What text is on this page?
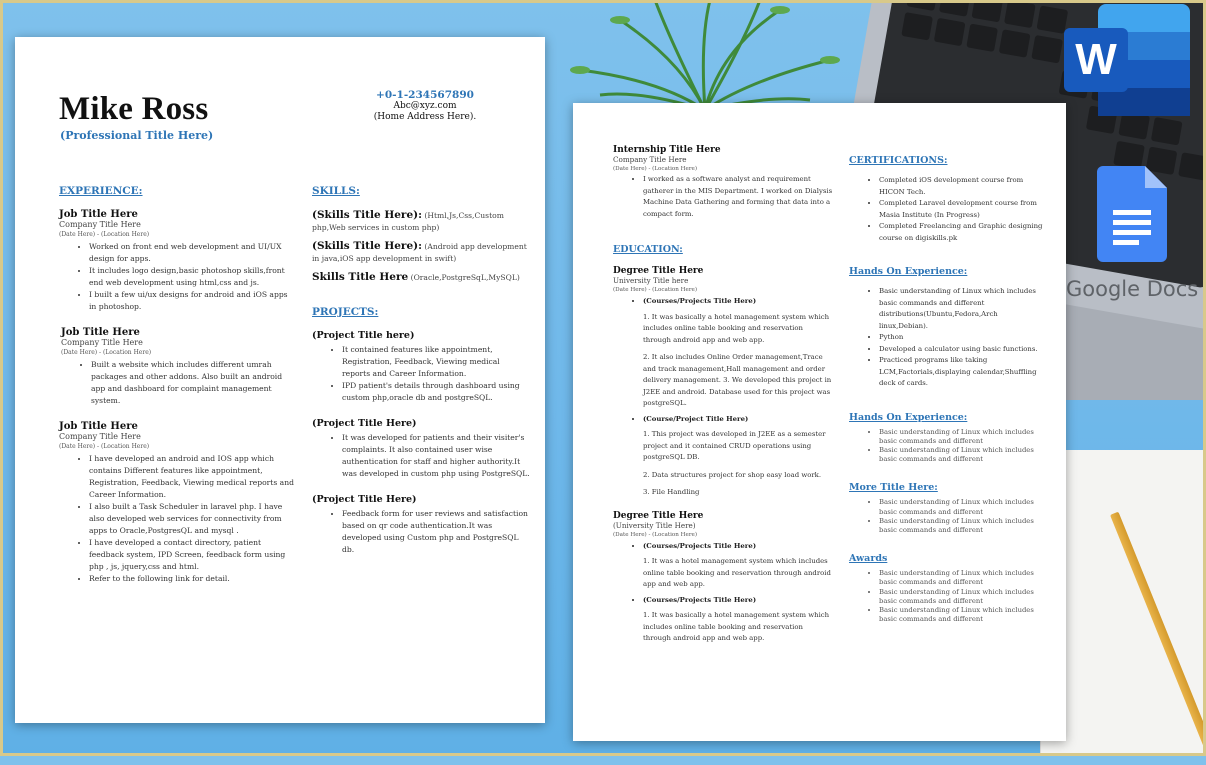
W
Google Docs
Mike Ross
(Professional Title Here)
+0-1-234567890
Abc@xyz.com
(Home Address Here).
EXPERIENCE:
Job Title Here
Company Title Here
(Date Here) - (Location Here)
• Worked on front end web development and UI/UX design for apps.
• It includes logo design,basic photoshop skills,front end web development using html,css and js.
• I built a few ui/ux designs for android and iOS apps in photoshop.
Job Title Here
Company Title Here
(Date Here) - (Location Here)
• Built a website which includes different umrah packages and other addons. Also built an android app and dashboard for complaint management system.
Job Title Here
Company Title Here
(Date Here) - (Location Here)
• I have developed an android and IOS app which contains Different features like appointment, Registration, Feedback, Viewing medical reports and Career Information.
• I also built a Task Scheduler in laravel php. I have also developed web services for connectivity from apps to Oracle,PostgresQL and mysql .
• I have developed a contact directory, patient feedback system, IPD Screen, feedback form using php , js, jquery,css and html.
• Refer to the following link for detail.
SKILLS:
(Skills Title Here): (Html,Js,Css,Custom php,Web services in custom php)
(Skills Title Here): (Android app development in java,iOS app development in swift)
Skills Title Here (Oracle,PostgreSqL,MySQL)
PROJECTS:
(Project Title here)
• It contained features like appointment, Registration, Feedback, Viewing medical reports and Career Information.
• IPD patient's details through dashboard using custom php,oracle db and postgreSQL.
(Project Title Here)
• It was developed for patients and their visiter's complaints. It also contained user wise authentication for staff and higher authority.It was developed in custom php using PostgreSQL.
(Project Title Here)
• Feedback form for user reviews and satisfaction based on qr code authentication.It was developed using Custom php and PostgreSQL db.
Internship Title Here
Company Title Here
(Date Here) - (Location Here)
• I worked as a software analyst and requirement gatherer in the MIS Department. I worked on Dialysis Machine Data Gathering and forming that data into a compact form.
EDUCATION:
Degree Title Here
University Title here
(Date Here) - (Location Here)
• (Courses/Projects Title Here)
1. It was basically a hotel management system which includes online table booking and reservation through android app and web app.
2. It also includes Online Order management,Trace and track management,Hall management and order delivery management. 3. We developed this project in J2EE and android. Database used for this project was postgreSQL.
• (Course/Project Title Here)
1. This project was developed in J2EE as a semester project and it contained CRUD operations using postgreSQL DB.
2. Data structures project for shop easy load work.
3. File Handling
Degree Title Here
(University Title Here)
(Date Here) - (Location Here)
• (Courses/Projects Title Here)
1. It was a hotel management system which includes online table booking and reservation through android app and web app.
• (Courses/Projects Title Here)
1. It was basically a hotel management system which includes online table booking and reservation through android app and web app.
CERTIFICATIONS:
• Completed iOS development course from HICON Tech.
• Completed Laravel development course from Masia Institute (In Progress)
• Completed Freelancing and Graphic designing course on digiskills.pk
Hands On Experience:
• Basic understanding of Linux which includes basic commands and different distributions(Ubuntu,Fedora,Arch linux,Debian).
• Python
• Developed a calculator using basic functions.
• Practiced programs like taking LCM,Factorials,displaying calendar,Shuffling deck of cards.
Hands On Experience:
• Basic understanding of Linux which includes basic commands and different
• Basic understanding of Linux which includes basic commands and different
More Title Here:
• Basic understanding of Linux which includes basic commands and different
• Basic understanding of Linux which includes basic commands and different
Awards
• Basic understanding of Linux which includes basic commands and different
• Basic understanding of Linux which includes basic commands and different
• Basic understanding of Linux which includes basic commands and different
